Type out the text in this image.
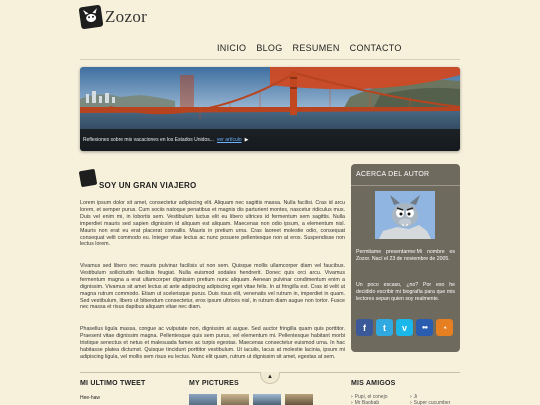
Zozor
INICIO BLOG RESUMEN CONTACTO
Reflexiones sobre mis vacaciones en los Estados Unidos... ver artículo ▶
SOY UN GRAN VIAJERO

Lorem ipsum dolor sit amet, consectetur adipiscing elit. Aliquam nec sagittis massa. Nulla facilisi. Cras id arcu lorem, et semper purus. Cum sociis natoque penatibus et magnis dis parturient montes, nascetur ridiculus mus. Duis vel enim mi, in lobortis sem. Vestibulum luctus elit eu libero ultrices id fermentum sem sagittis. Nulla imperdiet mauris sed sapien dignissim id aliquam est aliquam. Maecenas non odio ipsum, a elementum nisl. Mauris non erat eu erat placerat convallis. Mauris in pretium urna. Cras laoreet molestie odio, consequat consequat velit commodo eu. Integer vitae lectus ac nunc posuere pellentesque non at eros. Suspendisse non lectus lorem.

Vivamus sed libero nec mauris pulvinar facilisis ut non sem. Quisque mollis ullamcorper diam vel faucibus. Vestibulum sollicitudin facilisis feugiat. Nulla euismod sodales hendrerit. Donec quis orci arcu. Vivamus fermentum magna a erat ullamcorper dignissim pretium nunc aliquam. Aenean pulvinar condimentum enim a dignissim. Vivamus sit amet lectus at ante adipiscing adipiscing eget vitae felis. In at fringilla est. Cras id velit ut magna rutrum commodo. Etiam ut scelerisque purus. Duis risus elit, venenatis vel rutrum in, imperdiet in quam. Sed vestibulum, libero ut bibendum consectetur, eros ipsum ultrices nisl, in rutrum diam augue non tortor. Fusce nec massa et risus dapibus aliquam vitae nec diam.

Phasellus ligula massa, congue ac vulputate non, dignissim at augue. Sed auctor fringilla quam quis porttitor. Praesent vitae dignissim magna. Pellentesque quis sem purus, vel elementum mi. Pellentesque habitant morbi tristique senectus et netus et malesuada fames ac turpis egestas. Maecenas consectetur euismod urna. In hac habitasse platea dictumst. Quisque tincidunt porttitor vestibulum. Ut iaculis, lacus at molestie lacinia, ipsum mi adipiscing ligula, vel mollis sem risus eu lectus. Nunc elit quam, rutrum ut dignissim sit amet, egestas at sem.

ACERCA DEL AUTOR

Permitame presentarme:Mi nombre es Zozor. Nací el 23 de noviembre de 2005.

Un poco escaso, ¿no? Por eso he decidido escribir mi biografía para que mis lectores sepan quien soy realmente.

f	t	v	●●	◔
▲
MI ULTIMO TWEET

Hee-haw

MY PICTURES	MIS AMIGOS
› Pupi, el conejo
› Mr Baobab
› Ji
› Super cucumber
